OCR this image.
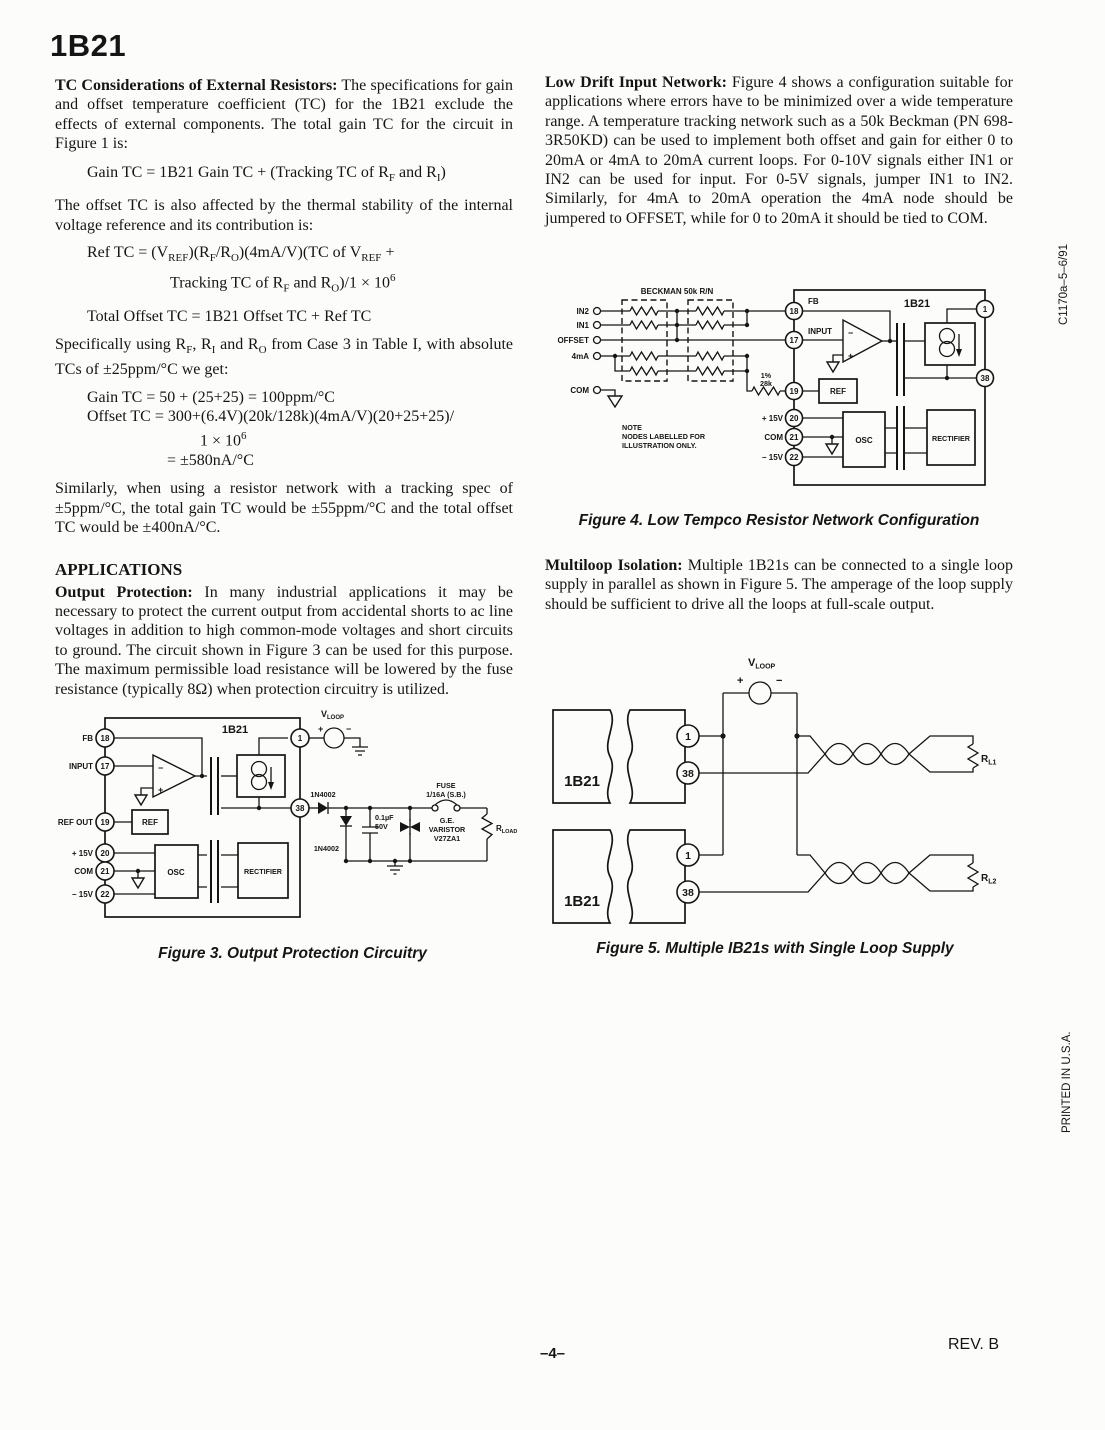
1B21

TC Considerations of External Resistors: The specifications for gain and offset temperature coefficient (TC) for the 1B21 exclude the effects of external components. The total gain TC for the circuit in Figure 1 is:

Gain TC = 1B21 Gain TC + (Tracking TC of $R_F$ and $R_I$)

The offset TC is also affected by the thermal stability of the internal voltage reference and its contribution is:

Ref TC = $(V_{REF})(R_F/R_O)(4mA/V)(TC$ of $V_{REF}$ +
Tracking TC of $R_F$ and $R_O)/1 \times 10^6$
Total Offset TC = 1B21 Offset TC + Ref TC

Specifically using $R_F$, $R_I$ and $R_O$ from Case 3 in Table I, with absolute TCs of ±25ppm/°C we get:

Gain TC = 50 + (25+25) = 100ppm/°C
Offset TC = 300+(6.4V)(20k/128k)(4mA/V)(20+25+25)/
$1 \times 10^6$
= ±580nA/°C

Similarly, when using a resistor network with a tracking spec of ±5ppm/°C, the total gain TC would be ±55ppm/°C and the total offset TC would be ±400nA/°C.

APPLICATIONS

Output Protection: In many industrial applications it may be necessary to protect the current output from accidental shorts to ac line voltages in addition to high common-mode voltages and short circuits to ground. The circuit shown in Figure 3 can be used for this purpose. The maximum permissible load resistance will be lowered by the fuse resistance (typically 8Ω) when protection circuitry is utilized.

Low Drift Input Network: Figure 4 shows a configuration suitable for applications where errors have to be minimized over a wide temperature range. A temperature tracking network such as a 50k Beckman (PN 698-3R50KD) can be used to implement both offset and gain for either 0 to 20mA or 4mA to 20mA current loops. For 0-10V signals either IN1 or IN2 can be used for input. For 0-5V signals, jumper IN1 to IN2. Similarly, for 4mA to 20mA operation the 4mA node should be jumpered to OFFSET, while for 0 to 20mA it should be tied to COM.

Multiloop Isolation: Multiple 1B21s can be connected to a single loop supply in parallel as shown in Figure 5. The amperage of the loop supply should be sufficient to drive all the loops at full-scale output.

BECKMAN 50k R/N
IN2
IN1
OFFSET
4mA
COM
1%
28k
1B21
−
+
REF
OSC	RECTIFIER
18
17
19
20
21
22
1
38
FB
INPUT
+ 15V
COM
− 15V
NOTE
NODES LABELLED FOR
ILLUSTRATION ONLY.
Figure 4. Low Tempco Resistor Network Configuration
1B21
−
+
REF
OSC	RECTIFIER
FB
INPUT
REF OUT
+ 15V
COM
− 15V
18
17
19
20
21
22
1
38
+	−
$V_{LOOP}$
1N4002
1N4002
0.1µF
50V
FUSE
1/16A (S.B.)
G.E.
VARISTOR
V27ZA1
$R_{LOAD}$
Figure 3. Output Protection Circuitry
1B21
1B21
+	−
$V_{LOOP}$
$R_{L1}$
$R_{L2}$
1
38
1
38
Figure 5. Multiple IB21s with Single Loop Supply
–4–
REV. B
C1170a–5–6/91
PRINTED IN U.S.A.
